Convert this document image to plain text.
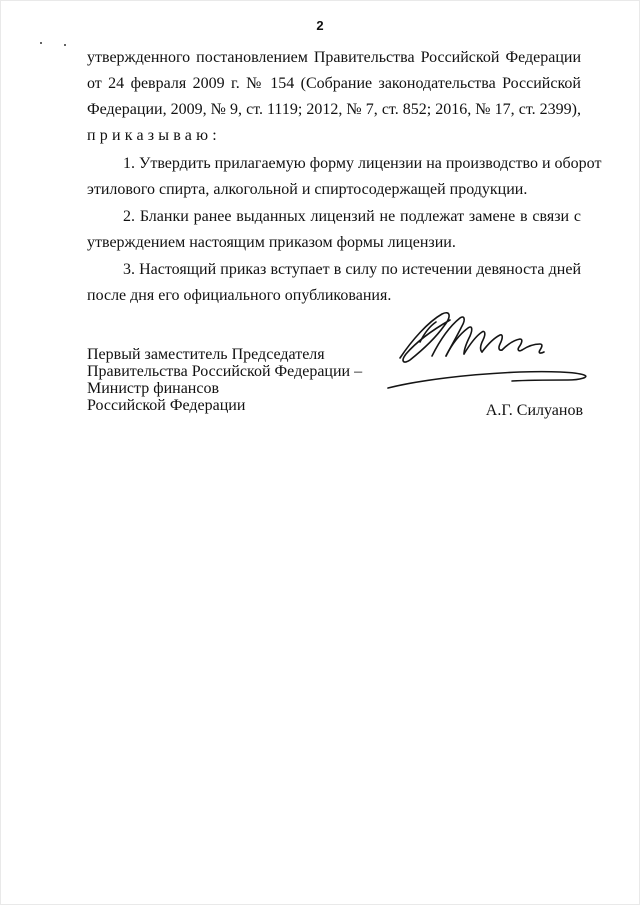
2
утвержденного постановлением Правительства Российской Федерации
от 24 февраля 2009 г. № 154 (Собрание законодательства Российской
Федерации, 2009, № 9, ст. 1119; 2012, № 7, ст. 852; 2016, № 17, ст. 2399),
приказываю:
1. Утвердить прилагаемую форму лицензии на производство и оборот
этилового спирта, алкогольной и спиртосодержащей продукции.
2. Бланки ранее выданных лицензий не подлежат замене в связи с
утверждением настоящим приказом формы лицензии.
3. Настоящий приказ вступает в силу по истечении девяноста дней
после дня его официального опубликования.
Первый заместитель Председателя
Правительства Российской Федерации –
Министр финансов
Российской Федерации	А.Г. Силуанов
